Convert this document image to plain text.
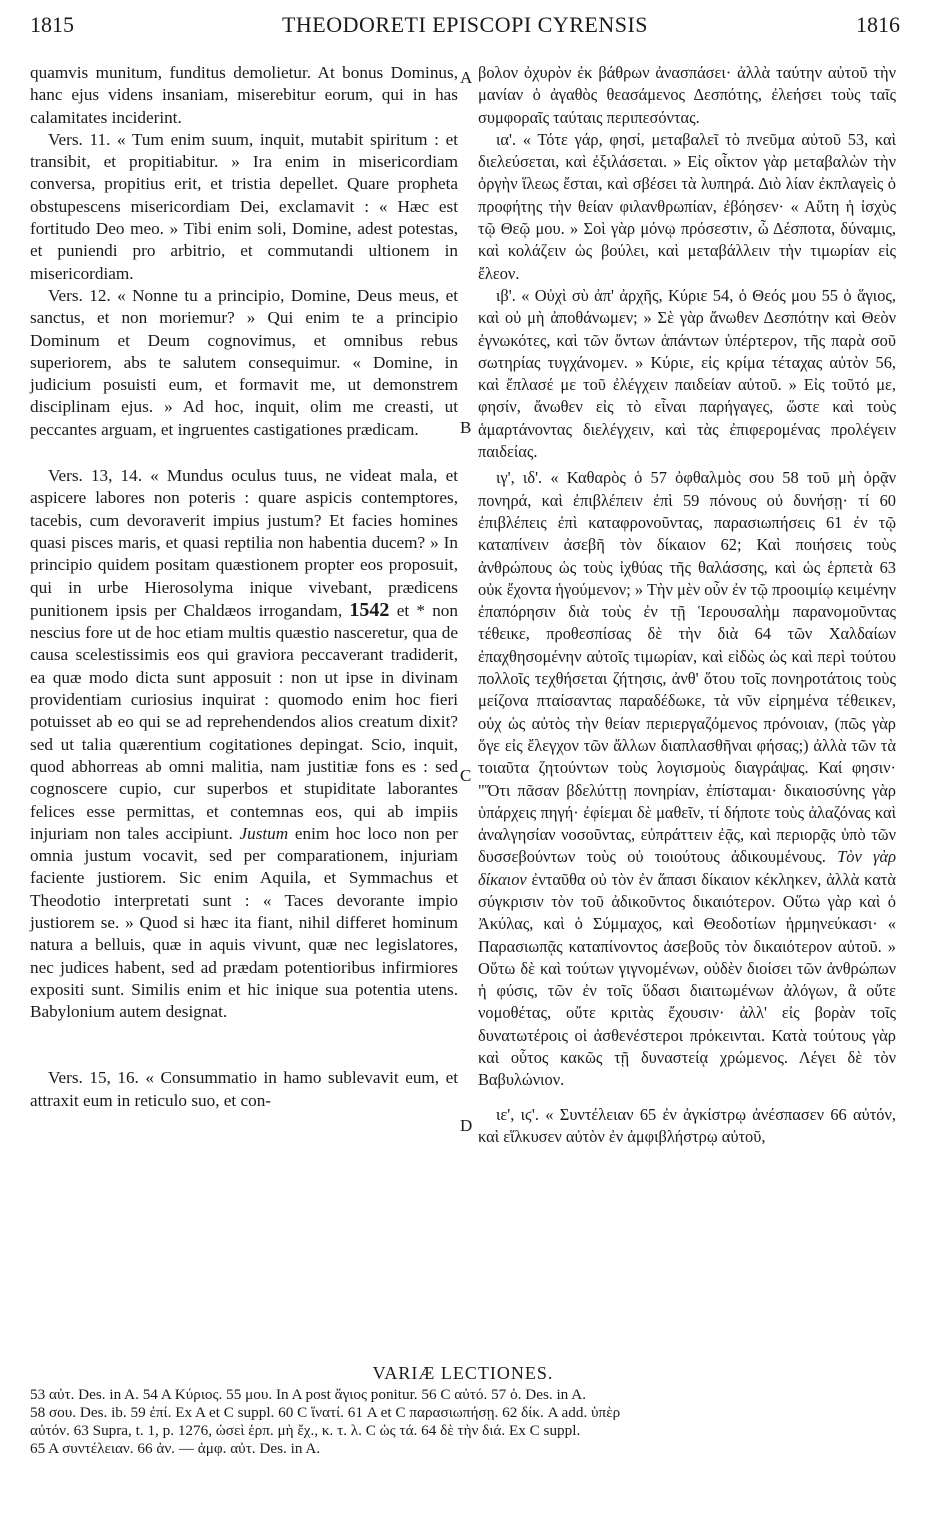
1815	THEODORETI EPISCOPI CYRENSIS	1816
A
B
C
D

quamvis munitum, funditus demolietur. At bonus Dominus, hanc ejus videns insaniam, miserebitur eorum, qui in has calamitates inciderint.

Vers. 11. « Tum enim suum, inquit, mutabit spiritum : et transibit, et propitiabitur. » Ira enim in misericordiam conversa, propitius erit, et tristia depellet. Quare propheta obstupescens misericordiam Dei, exclamavit : « Hæc est fortitudo Deo meo. » Tibi enim soli, Domine, adest potestas, et puniendi pro arbitrio, et commutandi ultionem in misericordiam.

Vers. 12. « Nonne tu a principio, Domine, Deus meus, et sanctus, et non moriemur? » Qui enim te a principio Dominum et Deum cognovimus, et omnibus rebus superiorem, abs te salutem consequimur. « Domine, in judicium posuisti eum, et formavit me, ut demonstrem disciplinam ejus. » Ad hoc, inquit, olim me creasti, ut peccantes arguam, et ingruentes castigationes prædicam.

Vers. 13, 14. « Mundus oculus tuus, ne videat mala, et aspicere labores non poteris : quare aspicis contemptores, tacebis, cum devoraverit impius justum? Et facies homines quasi pisces maris, et quasi reptilia non habentia ducem? » In principio quidem positam quæstionem propter eos proposuit, qui in urbe Hierosolyma inique vivebant, prædicens punitionem ipsis per Chaldæos irrogandam, 1542 et * non nescius fore ut de hoc etiam multis quæstio nasceretur, qua de causa scelestissimis eos qui graviora peccaverant tradiderit, ea quæ modo dicta sunt apposuit : non ut ipse in divinam providentiam curiosius inquirat : quomodo enim hoc fieri potuisset ab eo qui se ad reprehendendos alios creatum dixit? sed ut talia quærentium cogitationes depingat. Scio, inquit, quod abhorreas ab omni malitia, nam justitiæ fons es : sed cognoscere cupio, cur superbos et stupiditate laborantes felices esse permittas, et contemnas eos, qui ab impiis injuriam non tales accipiunt. Justum enim hoc loco non per omnia justum vocavit, sed per comparationem, injuriam faciente justiorem. Sic enim Aquila, et Symmachus et Theodotio interpretati sunt : « Taces devorante impio justiorem se. » Quod si hæc ita fiant, nihil differet hominum natura a belluis, quæ in aquis vivunt, quæ nec legislatores, nec judices habent, sed ad prædam potentioribus infirmiores expositi sunt. Similis enim et hic inique sua potentia utens. Babylonium autem designat.

Vers. 15, 16. « Consummatio in hamo sublevavit eum, et attraxit eum in reticulo suo, et con-

βολον ὀχυρὸν ἐκ βάθρων ἀνασπάσει· ἀλλὰ ταύτην αὐτοῦ τὴν μανίαν ὁ ἀγαθὸς θεασάμενος Δεσπότης, ἐλεήσει τοὺς ταῖς συμφοραῖς ταύταις περιπεσόντας.

ια'. « Τότε γάρ, φησί, μεταβαλεῖ τὸ πνεῦμα αὐτοῦ 53, καὶ διελεύσεται, καὶ ἐξιλάσεται. » Εἰς οἶκτον γὰρ μεταβαλὼν τὴν ὀργὴν ἵλεως ἔσται, καὶ σβέσει τὰ λυπηρά. Διὸ λίαν ἐκπλαγεὶς ὁ προφήτης τὴν θείαν φιλανθρωπίαν, ἐβόησεν· « Αὕτη ἡ ἰσχὺς τῷ Θεῷ μου. » Σοὶ γὰρ μόνῳ πρόσεστιν, ὦ Δέσποτα, δύναμις, καὶ κολάζειν ὡς βούλει, καὶ μεταβάλλειν τὴν τιμωρίαν εἰς ἔλεον.

ιβ'. « Οὐχὶ σὺ ἀπ' ἀρχῆς, Κύριε 54, ὁ Θεός μου 55 ὁ ἅγιος, καὶ οὐ μὴ ἀποθάνωμεν; » Σὲ γὰρ ἄνωθεν Δεσπότην καὶ Θεὸν ἐγνωκότες, καὶ τῶν ὄντων ἁπάντων ὑπέρτερον, τῆς παρὰ σοῦ σωτηρίας τυγχάνομεν. » Κύριε, εἰς κρίμα τέταχας αὐτὸν 56, καὶ ἔπλασέ με τοῦ ἐλέγχειν παιδείαν αὐτοῦ. » Εἰς τοῦτό με, φησίν, ἄνωθεν εἰς τὸ εἶναι παρήγαγες, ὥστε καὶ τοὺς ἁμαρτάνοντας διελέγχειν, καὶ τὰς ἐπιφερομένας προλέγειν παιδείας.

ιγ', ιδ'. « Καθαρὸς ὁ 57 ὀφθαλμὸς σου 58 τοῦ μὴ ὁρᾷν πονηρά, καὶ ἐπιβλέπειν ἐπὶ 59 πόνους οὐ δυνήσῃ· τί 60 ἐπιβλέπεις ἐπὶ καταφρονοῦντας, παρασιωπήσεις 61 ἐν τῷ καταπίνειν ἀσεβῆ τὸν δίκαιον 62; Καὶ ποιήσεις τοὺς ἀνθρώπους ὡς τοὺς ἰχθύας τῆς θαλάσσης, καὶ ὡς ἑρπετὰ 63 οὐκ ἔχοντα ἡγούμενον; » Τὴν μὲν οὖν ἐν τῷ προοιμίῳ κειμένην ἐπαπόρησιν διὰ τοὺς ἐν τῇ Ἱερουσαλὴμ παρανομοῦντας τέθεικε, προθεσπίσας δὲ τὴν διὰ 64 τῶν Χαλδαίων ἐπαχθησομένην αὐτοῖς τιμωρίαν, καὶ εἰδὼς ὡς καὶ περὶ τούτου πολλοῖς τεχθήσεται ζήτησις, ἀνθ' ὅτου τοῖς πονηροτάτοις τοὺς μείζονα πταίσαντας παραδέδωκε, τὰ νῦν εἰρημένα τέθεικεν, οὐχ ὡς αὐτὸς τὴν θείαν περιεργαζόμενος πρόνοιαν, (πῶς γὰρ ὅγε εἰς ἔλεγχον τῶν ἄλλων διαπλασθῆναι φήσας;) ἀλλὰ τῶν τὰ τοιαῦτα ζητούντων τοὺς λογισμοὺς διαγράψας. Καί φησιν· "Ὅτι πᾶσαν βδελύττῃ πονηρίαν, ἐπίσταμαι· δικαιοσύνης γὰρ ὑπάρχεις πηγή· ἐφίεμαι δὲ μαθεῖν, τί δήποτε τοὺς ἀλαζόνας καὶ ἀναλγησίαν νοσοῦντας, εὐπράττειν ἐᾷς, καὶ περιορᾷς ὑπὸ τῶν δυσσεβούντων τοὺς οὐ τοιούτους ἀδικουμένους. Τὸν γὰρ δίκαιον ἐνταῦθα οὐ τὸν ἐν ἅπασι δίκαιον κέκληκεν, ἀλλὰ κατὰ σύγκρισιν τὸν τοῦ ἀδικοῦντος δικαιότερον. Οὕτω γὰρ καὶ ὁ Ἀκύλας, καὶ ὁ Σύμμαχος, καὶ Θεοδοτίων ἡρμηνεύκασι· « Παρασιωπᾷς καταπίνοντος ἀσεβοῦς τὸν δικαιότερον αὐτοῦ. » Οὕτω δὲ καὶ τούτων γιγνομένων, οὐδὲν διοίσει τῶν ἀνθρώπων ἡ φύσις, τῶν ἐν τοῖς ὕδασι διαιτωμένων ἀλόγων, ἃ οὔτε νομοθέτας, οὔτε κριτὰς ἔχουσιν· ἀλλ' εἰς βορὰν τοῖς δυνατωτέροις οἱ ἀσθενέστεροι πρόκεινται. Κατὰ τούτους γὰρ καὶ οὗτος κακῶς τῇ δυναστείᾳ χρώμενος. Λέγει δὲ τὸν Βαβυλώνιον.

ιε', ιϛ'. « Συντέλειαν 65 ἐν ἀγκίστρῳ ἀνέσπασεν 66 αὐτόν, καὶ εἵλκυσεν αὐτὸν ἐν ἀμφιβλήστρῳ αὐτοῦ,

VARIÆ LECTIONES.

53 αὐτ. Des. in A. 54 A Κύριος. 55 μου. In A post ἅγιος ponitur. 56 C αὐτό. 57 ὁ. Des. in A.

58 σου. Des. ib. 59 ἐπί. Ex A et C suppl. 60 C ἵνατί. 61 A et C παρασιωπήσῃ. 62 δίκ. A add. ὑπὲρ

αὐτόν. 63 Supra, t. 1, p. 1276, ὡσεὶ ἑρπ. μὴ ἔχ., κ. τ. λ. C ὡς τά. 64 δὲ τὴν διά. Ex C suppl.

65 A συντέλειαν. 66 ἀν. — ἀμφ. αὐτ. Des. in A.
